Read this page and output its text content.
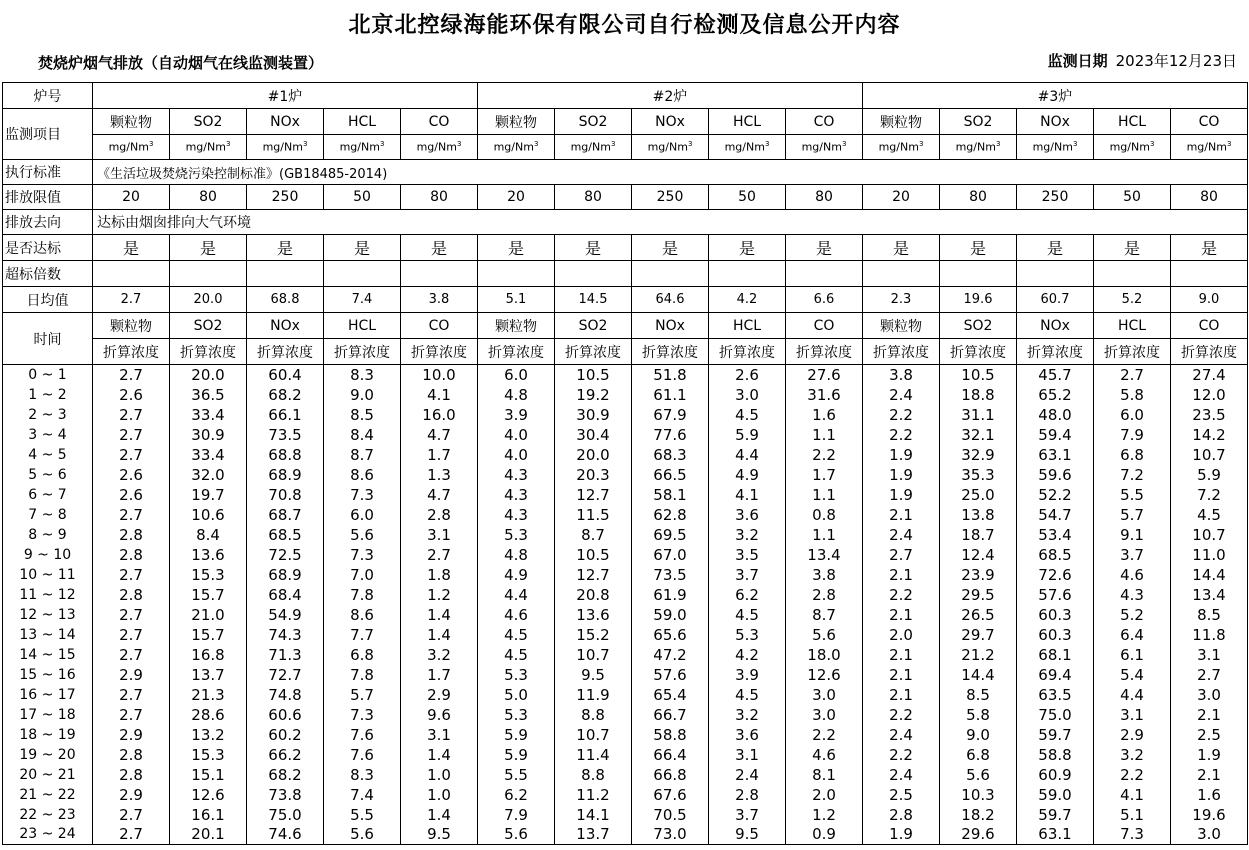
北京北控绿海能环保有限公司自行检测及信息公开内容
焚烧炉烟气排放（自动烟气在线监测装置）	监测日期 2023年12月23日
炉号	#1炉					#2炉					#3炉				
监测项目	颗粒物	SO2	NOx	HCL	CO	颗粒物	SO2	NOx	HCL	CO	颗粒物	SO2	NOx	HCL	CO
	mg/Nm$^3$	mg/Nm$^3$	mg/Nm$^3$	mg/Nm$^3$	mg/Nm$^3$	mg/Nm$^3$	mg/Nm$^3$	mg/Nm$^3$	mg/Nm$^3$	mg/Nm$^3$	mg/Nm$^3$	mg/Nm$^3$	mg/Nm$^3$	mg/Nm$^3$	mg/Nm$^3$
执行标准	《生活垃圾焚烧污染控制标准》(GB18485-2014)														
排放限值	20	80	250	50	80	20	80	250	50	80	20	80	250	50	80
排放去向	达标由烟囱排向大气环境														
是否达标	是	是	是	是	是	是	是	是	是	是	是	是	是	是	是
超标倍数															
日均值	2.7	20.0	68.8	7.4	3.8	5.1	14.5	64.6	4.2	6.6	2.3	19.6	60.7	5.2	9.0
时间	颗粒物	SO2	NOx	HCL	CO	颗粒物	SO2	NOx	HCL	CO	颗粒物	SO2	NOx	HCL	CO
	折算浓度	折算浓度	折算浓度	折算浓度	折算浓度	折算浓度	折算浓度	折算浓度	折算浓度	折算浓度	折算浓度	折算浓度	折算浓度	折算浓度	折算浓度
0 ~ 1	2.7	20.0	60.4	8.3	10.0	6.0	10.5	51.8	2.6	27.6	3.8	10.5	45.7	2.7	27.4
1 ~ 2	2.6	36.5	68.2	9.0	4.1	4.8	19.2	61.1	3.0	31.6	2.4	18.8	65.2	5.8	12.0
2 ~ 3	2.7	33.4	66.1	8.5	16.0	3.9	30.9	67.9	4.5	1.6	2.2	31.1	48.0	6.0	23.5
3 ~ 4	2.7	30.9	73.5	8.4	4.7	4.0	30.4	77.6	5.9	1.1	2.2	32.1	59.4	7.9	14.2
4 ~ 5	2.7	33.4	68.8	8.7	1.7	4.0	20.0	68.3	4.4	2.2	1.9	32.9	63.1	6.8	10.7
5 ~ 6	2.6	32.0	68.9	8.6	1.3	4.3	20.3	66.5	4.9	1.7	1.9	35.3	59.6	7.2	5.9
6 ~ 7	2.6	19.7	70.8	7.3	4.7	4.3	12.7	58.1	4.1	1.1	1.9	25.0	52.2	5.5	7.2
7 ~ 8	2.7	10.6	68.7	6.0	2.8	4.3	11.5	62.8	3.6	0.8	2.1	13.8	54.7	5.7	4.5
8 ~ 9	2.8	8.4	68.5	5.6	3.1	5.3	8.7	69.5	3.2	1.1	2.4	18.7	53.4	9.1	10.7
9 ~ 10	2.8	13.6	72.5	7.3	2.7	4.8	10.5	67.0	3.5	13.4	2.7	12.4	68.5	3.7	11.0
10 ~ 11	2.7	15.3	68.9	7.0	1.8	4.9	12.7	73.5	3.7	3.8	2.1	23.9	72.6	4.6	14.4
11 ~ 12	2.8	15.7	68.4	7.8	1.2	4.4	20.8	61.9	6.2	2.8	2.2	29.5	57.6	4.3	13.4
12 ~ 13	2.7	21.0	54.9	8.6	1.4	4.6	13.6	59.0	4.5	8.7	2.1	26.5	60.3	5.2	8.5
13 ~ 14	2.7	15.7	74.3	7.7	1.4	4.5	15.2	65.6	5.3	5.6	2.0	29.7	60.3	6.4	11.8
14 ~ 15	2.7	16.8	71.3	6.8	3.2	4.5	10.7	47.2	4.2	18.0	2.1	21.2	68.1	6.1	3.1
15 ~ 16	2.9	13.7	72.7	7.8	1.7	5.3	9.5	57.6	3.9	12.6	2.1	14.4	69.4	5.4	2.7
16 ~ 17	2.7	21.3	74.8	5.7	2.9	5.0	11.9	65.4	4.5	3.0	2.1	8.5	63.5	4.4	3.0
17 ~ 18	2.7	28.6	60.6	7.3	9.6	5.3	8.8	66.7	3.2	3.0	2.2	5.8	75.0	3.1	2.1
18 ~ 19	2.9	13.2	60.2	7.6	3.1	5.9	10.7	58.8	3.6	2.2	2.4	9.0	59.7	2.9	2.5
19 ~ 20	2.8	15.3	66.2	7.6	1.4	5.9	11.4	66.4	3.1	4.6	2.2	6.8	58.8	3.2	1.9
20 ~ 21	2.8	15.1	68.2	8.3	1.0	5.5	8.8	66.8	2.4	8.1	2.4	5.6	60.9	2.2	2.1
21 ~ 22	2.9	12.6	73.8	7.4	1.0	6.2	11.2	67.6	2.8	2.0	2.5	10.3	59.0	4.1	1.6
22 ~ 23	2.7	16.1	75.0	5.5	1.4	7.9	14.1	70.5	3.7	1.2	2.8	18.2	59.7	5.1	19.6
23 ~ 24	2.7	20.1	74.6	5.6	9.5	5.6	13.7	73.0	9.5	0.9	1.9	29.6	63.1	7.3	3.0
